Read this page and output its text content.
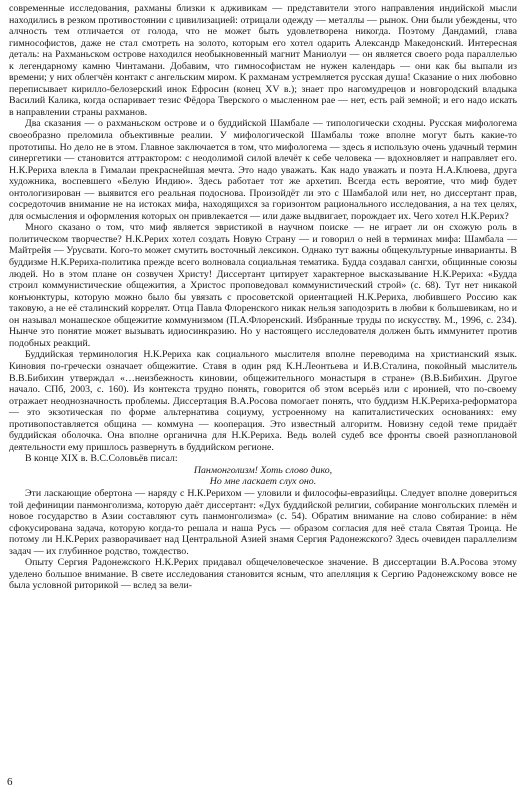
современные исследования, рахманы близки к адживикам — представители этого направления индийской мысли находились в резком противостоянии с цивилизацией: отрицали одежду — металлы — рынок. Они были убеждены, что алчность тем отличается от голода, что не может быть удовлетворена никогда. Поэтому Дандамий, глава гимнософистов, даже не стал смотреть на золото, которым его хотел одарить Александр Македонский. Интересная деталь: на Рахманьском острове находился необыкновенный магнит Маниолуи — он является своего рода параллелью к легендарному камню Чинтамани. Добавим, что гимнософистам не нужен календарь — они как бы выпали из времени; у них облегчён контакт с ангельским миром. К рахманам устремляется русская душа! Сказание о них любовно переписывает кирилло-белозерский инок Ефросин (конец XV в.); знает про нагомудрецов и новгородский владыка Василий Калика, когда оспаривает тезис Фёдора Тверского о мысленном рае — нет, есть рай земной; и его надо искать в направлении страны рахманов.

Два сказания — о рахманьском острове и о буддийской Шамбале — типологически сходны. Русская мифологема своеобразно преломила объективные реалии. У мифологической Шамбалы тоже вполне могут быть какие-то прототипы. Но дело не в этом. Главное заключается в том, что мифологема — здесь я использую очень удачный термин синергетики — становится аттрактором: с неодолимой силой влечёт к себе человека — вдохновляет и направляет его. Н.К.Рериха влекла в Гималаи прекраснейшая мечта. Это надо уважать. Как надо уважать и поэта Н.А.Клюева, друга художника, воспевшего «Белую Индию». Здесь работает тот же архетип. Всегда есть вероятие, что миф будет онтологизирован — выявится его реальная подоснова. Произойдёт ли это с Шамбалой или нет, но диссертант прав, сосредоточив внимание не на истоках мифа, находящихся за горизонтом рационального исследования, а на тех целях, для осмысления и оформления которых он привлекается — или даже выдвигает, порождает их. Чего хотел Н.К.Рерих?

Много сказано о том, что миф является эвристикой в научном поиске — не играет ли он схожую роль в политическом творчестве? Н.К.Рерих хотел создать Новую Страну — и говорил о ней в терминах мифа: Шамбала — Майтрейя — Урусвати. Кого-то может смутить восточный лексикон. Однако тут важны общекультурные инварианты. В буддизме Н.К.Рериха-политика прежде всего волновала социальная тематика. Будда создавал сангхи, общинные союзы людей. Но в этом плане он созвучен Христу! Диссертант цитирует характерное высказывание Н.К.Рериха: «Будда строил коммунистические общежития, а Христос проповедовал коммунистический строй» (с. 68). Тут нет никакой конъюнктуры, которую можно было бы увязать с просоветской ориентацией Н.К.Рериха, любившего Россию как таковую, а не её сталинский коррелят. Отца Павла Флоренского никак нельзя заподозрить в любви к большевикам, но и он называл монашеское общежитие коммунизмом (П.А.Флоренский. Избранные труды по искусству. М., 1996, с. 234). Нынче это понятие может вызывать идиосинкразию. Но у настоящего исследователя должен быть иммунитет против подобных реакций.

Буддийская терминология Н.К.Рериха как социального мыслителя вполне переводима на христианский язык. Киновия по-гречески означает общежитие. Ставя в один ряд К.Н.Леонтьева и И.В.Сталина, покойный мыслитель В.В.Бибихин утверждал «…неизбежность киновии, общежительного монастыря в стране» (В.В.Бибихин. Другое начало. СПб, 2003, с. 160). Из контекста трудно понять, говорится об этом всерьёз или с иронией, что по-своему отражает неоднозначность проблемы. Диссертация В.А.Росова помогает понять, что буддизм Н.К.Рериха-реформатора — это экзотическая по форме альтернатива социуму, устроенному на капиталистических основаниях: ему противопоставляется община — коммуна — кооперация. Это известный алгоритм. Новизну седой теме придаёт буддийская оболочка. Она вполне органична для Н.К.Рериха. Ведь волей судеб все фронты своей разноплановой деятельности ему пришлось развернуть в буддийском регионе.

В конце XIX в. В.С.Соловьёв писал:

Панмонголизм! Хоть слово дико,
Но мне ласкает слух оно.

Эти ласкающие обертона — наряду с Н.К.Рерихом — уловили и философы-евразийцы. Следует вполне довериться той дефиниции панмонголизма, которую даёт диссертант: «Дух буддийской религии, собирание монгольских племён и новое государство в Азии составляют суть панмонголизма» (с. 54). Обратим внимание на слово собирание: в нём сфокусирована задача, которую когда-то решала и наша Русь — образом согласия для неё стала Святая Троица. Не потому ли Н.К.Рерих разворачивает над Центральной Азией знамя Сергия Радонежского? Здесь очевиден параллелизм задач — их глубинное родство, тождество.

Опыту Сергия Радонежского Н.К.Рерих придавал общечеловеческое значение. В диссертации В.А.Росова этому уделено большое внимание. В свете исследования становится ясным, что апелляция к Сергию Радонежскому вовсе не была условной риторикой — вслед за вели-

6
